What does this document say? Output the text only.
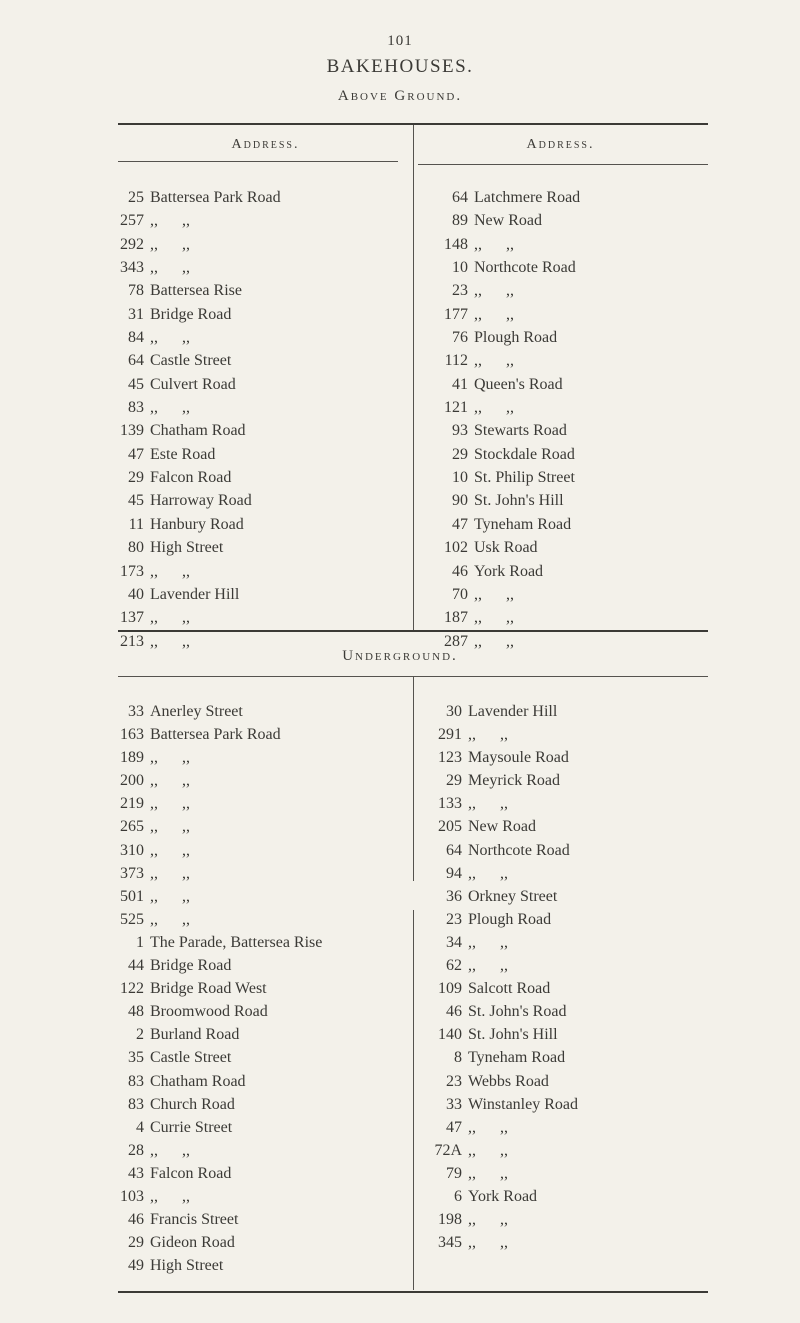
101
BAKEHOUSES.
Above Ground.
Address.	Address.
25 Battersea Park Road
257 ,,      ,,
292 ,,      ,,
343 ,,      ,,
78 Battersea Rise
31 Bridge Road
84 ,,      ,,
64 Castle Street
45 Culvert Road
83 ,,      ,,
139 Chatham Road
47 Este Road
29 Falcon Road
45 Harroway Road
11 Hanbury Road
80 High Street
173 ,,      ,,
40 Lavender Hill
137 ,,      ,,
213 ,,      ,,
64 Latchmere Road
89 New Road
148 ,,      ,,
10 Northcote Road
23 ,,      ,,
177 ,,      ,,
76 Plough Road
112 ,,      ,,
41 Queen's Road
121 ,,      ,,
93 Stewarts Road
29 Stockdale Road
10 St. Philip Street
90 St. John's Hill
47 Tyneham Road
102 Usk Road
46 York Road
70 ,,      ,,
187 ,,      ,,
287 ,,      ,,
Underground.
33 Anerley Street
163 Battersea Park Road
189 ,,      ,,
200 ,,      ,,
219 ,,      ,,
265 ,,      ,,
310 ,,      ,,
373 ,,      ,,
501 ,,      ,,
525 ,,      ,,
1 The Parade, Battersea Rise
44 Bridge Road
122 Bridge Road West
48 Broomwood Road
2 Burland Road
35 Castle Street
83 Chatham Road
83 Church Road
4 Currie Street
28 ,,      ,,
43 Falcon Road
103 ,,      ,,
46 Francis Street
29 Gideon Road
49 High Street
30 Lavender Hill
291 ,,      ,,
123 Maysoule Road
29 Meyrick Road
133 ,,      ,,
205 New Road
64 Northcote Road
94 ,,      ,,
36 Orkney Street
23 Plough Road
34 ,,      ,,
62 ,,      ,,
109 Salcott Road
46 St. John's Road
140 St. John's Hill
8 Tyneham Road
23 Webbs Road
33 Winstanley Road
47 ,,      ,,
72A ,,      ,,
79 ,,      ,,
6 York Road
198 ,,      ,,
345 ,,      ,,
